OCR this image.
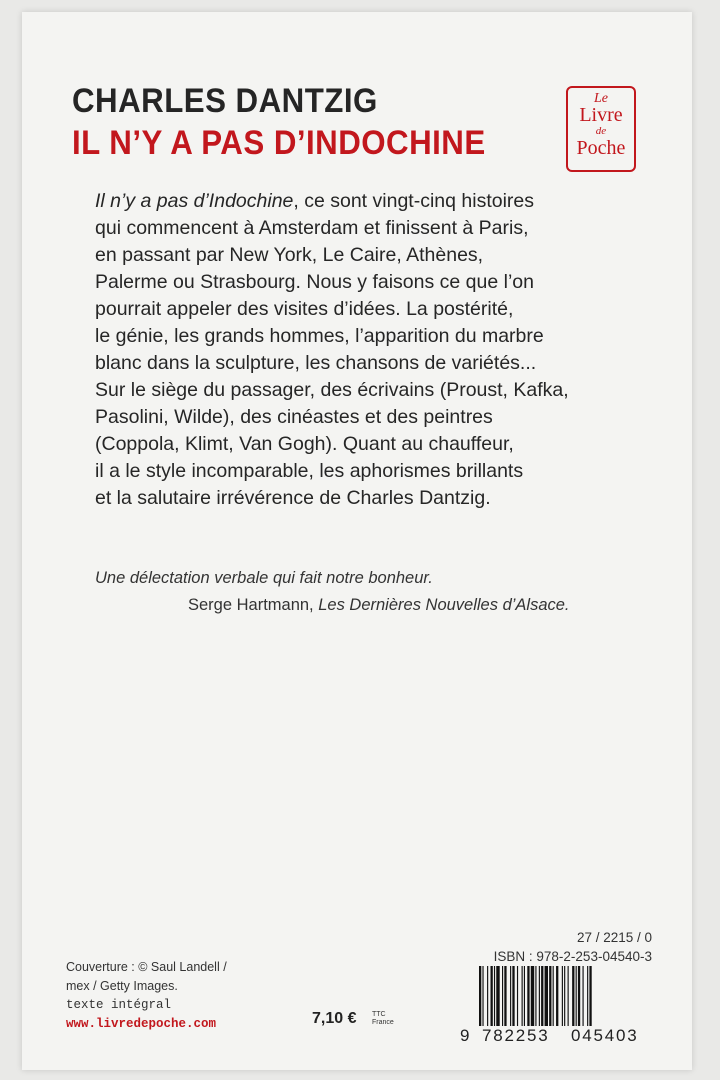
CHARLES DANTZIG
IL N’Y A PAS D’INDOCHINE
Le
Livre
de
Poche
Il n’y a pas d’Indochine, ce sont vingt-cinq histoires
qui commencent à Amsterdam et finissent à Paris,
en passant par New York, Le Caire, Athènes,
Palerme ou Strasbourg. Nous y faisons ce que l’on
pourrait appeler des visites d’idées. La postérité,
le génie, les grands hommes, l’apparition du marbre
blanc dans la sculpture, les chansons de variétés...
Sur le siège du passager, des écrivains (Proust, Kafka,
Pasolini, Wilde), des cinéastes et des peintres
(Coppola, Klimt, Van Gogh). Quant au chauffeur,
il a le style incomparable, les aphorismes brillants
et la salutaire irrévérence de Charles Dantzig.
Une délectation verbale qui fait notre bonheur.
Serge Hartmann, Les Dernières Nouvelles d’Alsace.
Couverture : © Saul Landell /
mex / Getty Images.
texte intégral
www.livredepoche.com	7,10 € TTC
France
27 / 2215 / 0
ISBN : 978-2-253-04540-3
9 782253 045403
